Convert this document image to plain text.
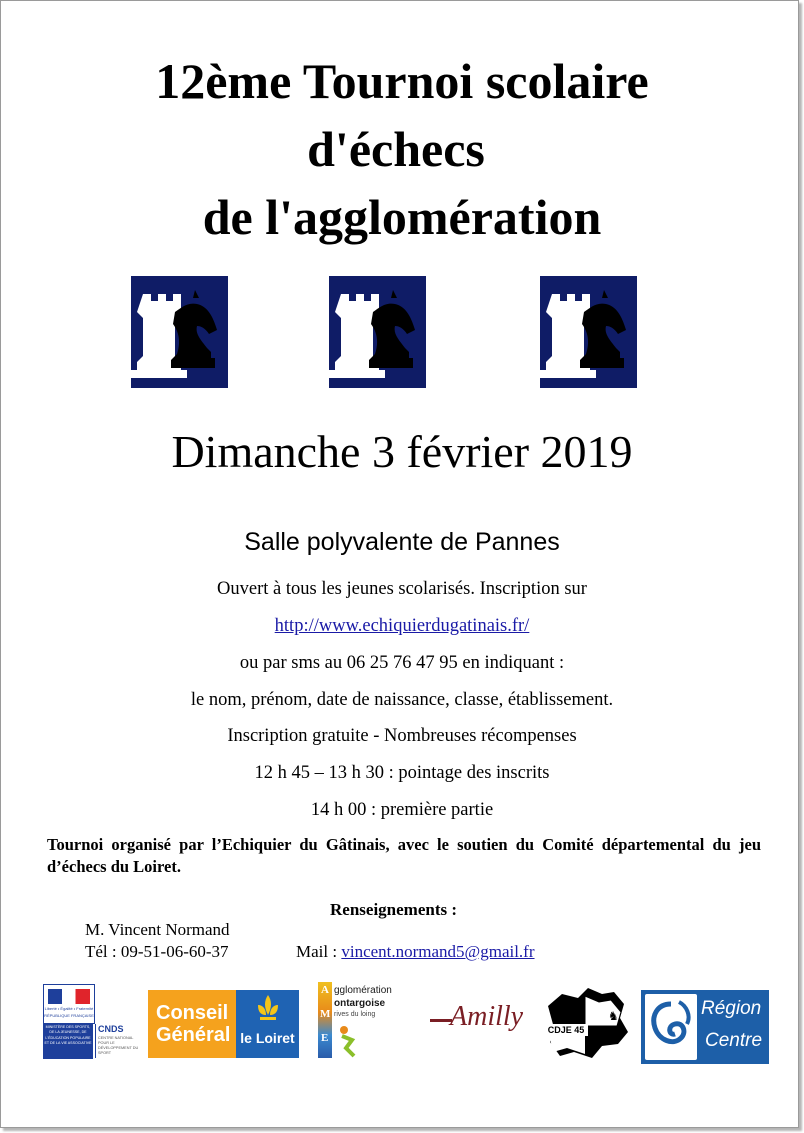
12ème Tournoi scolaire
d'échecs
de l'agglomération
Dimanche 3 février 2019
Salle polyvalente de Pannes
Ouvert à tous les jeunes scolarisés. Inscription sur
http://www.echiquierdugatinais.fr/
ou par sms au 06 25 76 47 95 en indiquant :
le nom, prénom, date de naissance, classe, établissement.
Inscription gratuite - Nombreuses récompenses
12 h 45 – 13 h 30 : pointage des inscrits
14 h 00 : première partie
Tournoi organisé par l’Echiquier du Gâtinais, avec le soutien du Comité départemental du jeu d’échecs du Loiret.
Renseignements :
M. Vincent Normand
Tél : 09-51-06-60-37	Mail : vincent.normand5@gmail.fr
Liberté • Égalité • Fraternité
RÉPUBLIQUE FRANÇAISE
MINISTÈRE DES SPORTS, DE LA JEUNESSE, DE L'ÉDUCATION POPULAIRE ET DE LA VIE ASSOCIATIVE
CNDS
CENTRE NATIONAL POUR LE DÉVELOPPEMENT DU SPORT
Conseil
Général le Loiret
A
M
E
gglomération
ontargoise
rives du loing	Amilly	♞
CDJE 45
Région
Centre
